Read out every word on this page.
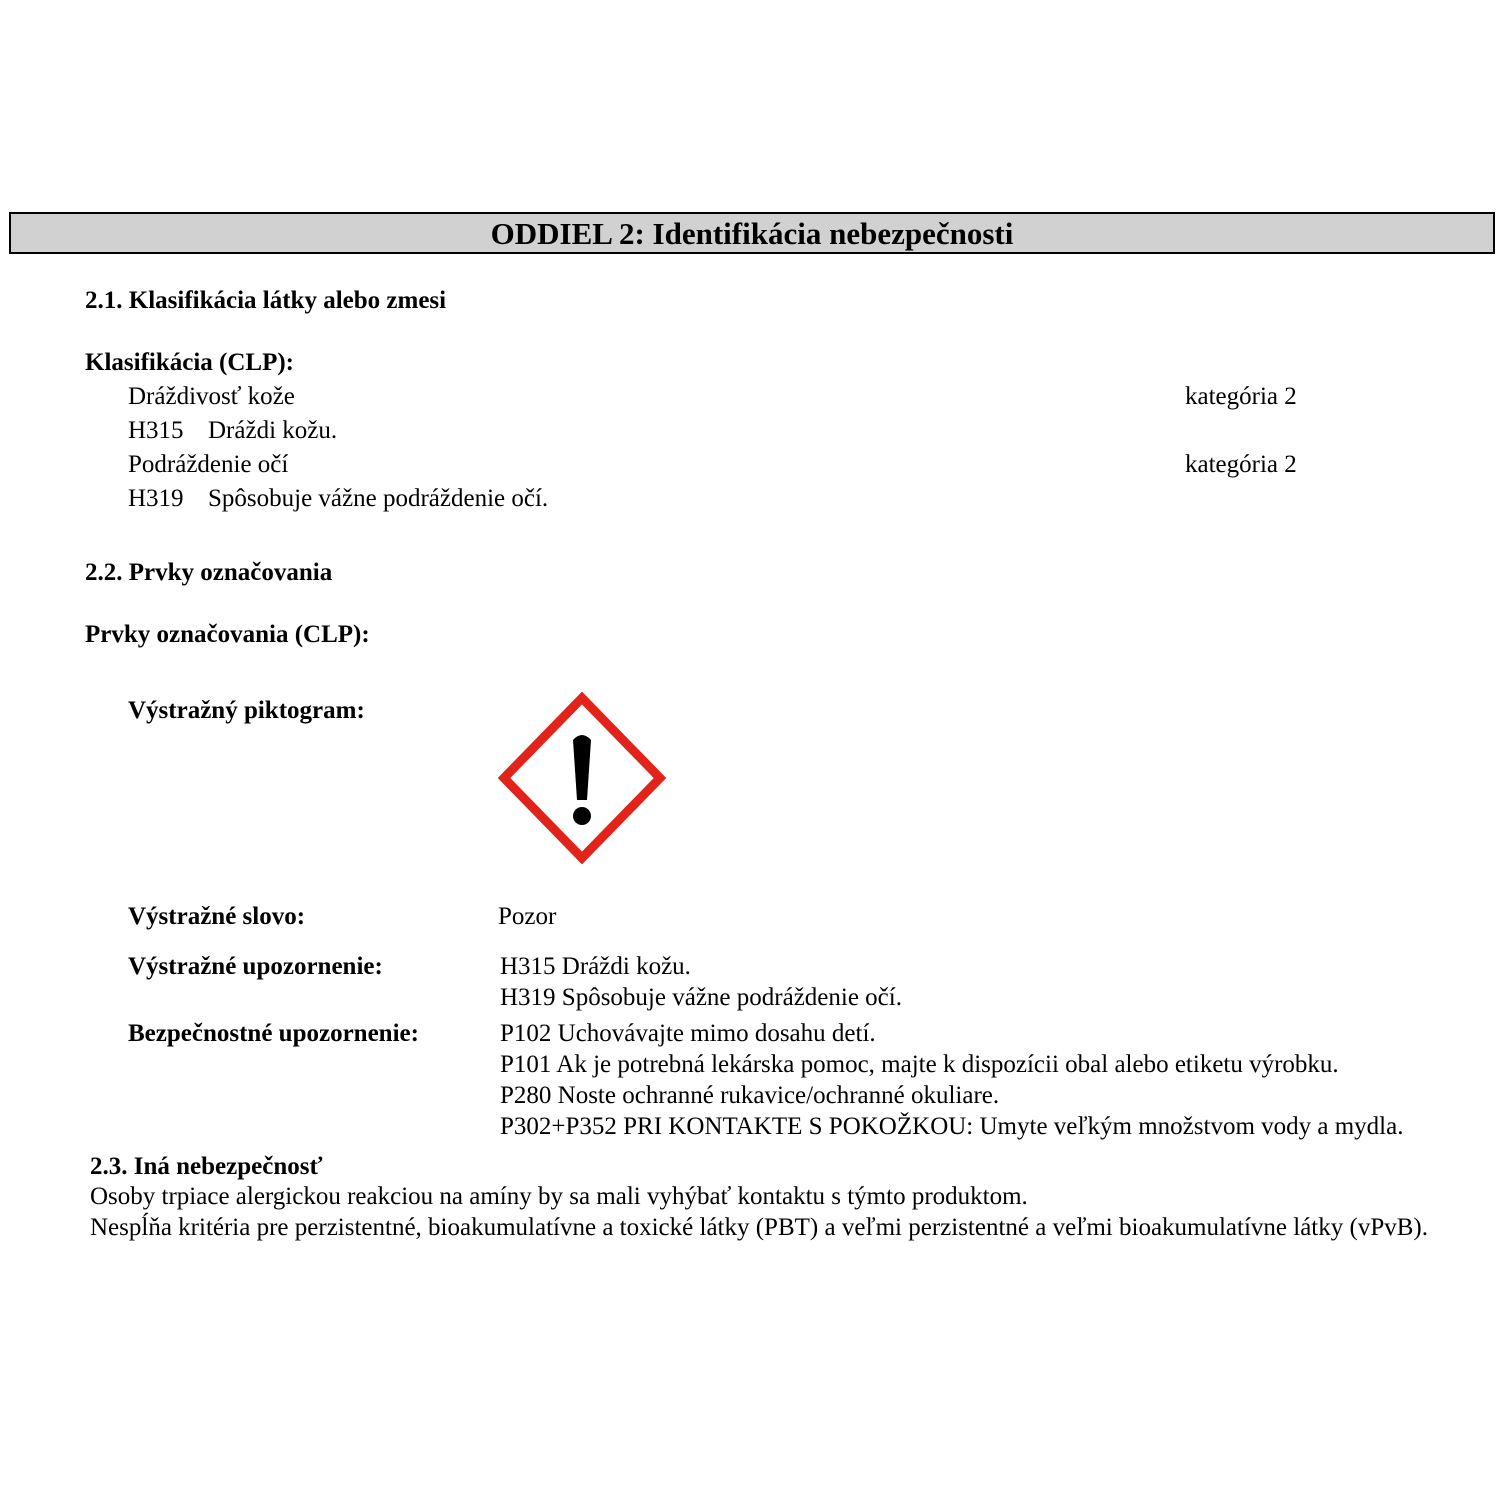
ODDIEL 2: Identifikácia nebezpečnosti
2.1. Klasifikácia látky alebo zmesi
Klasifikácia (CLP):
Dráždivosť kože	kategória 2
H315 Dráždi kožu.
Podráždenie očí	kategória 2
H319 Spôsobuje vážne podráždenie očí.
2.2. Prvky označovania
Prvky označovania (CLP):
Výstražný piktogram:
Výstražné slovo:	Pozor
Výstražné upozornenie:	H315 Dráždi kožu.
H319 Spôsobuje vážne podráždenie očí.
Bezpečnostné upozornenie:	P102 Uchovávajte mimo dosahu detí.
P101 Ak je potrebná lekárska pomoc, majte k dispozícii obal alebo etiketu výrobku.
P280 Noste ochranné rukavice/ochranné okuliare.
P302+P352 PRI KONTAKTE S POKOŽKOU: Umyte veľkým množstvom vody a mydla.
2.3. Iná nebezpečnosť
Osoby trpiace alergickou reakciou na amíny by sa mali vyhýbať kontaktu s týmto produktom.
Nespĺňa kritéria pre perzistentné, bioakumulatívne a toxické látky (PBT) a veľmi perzistentné a veľmi bioakumulatívne látky (vPvB).
